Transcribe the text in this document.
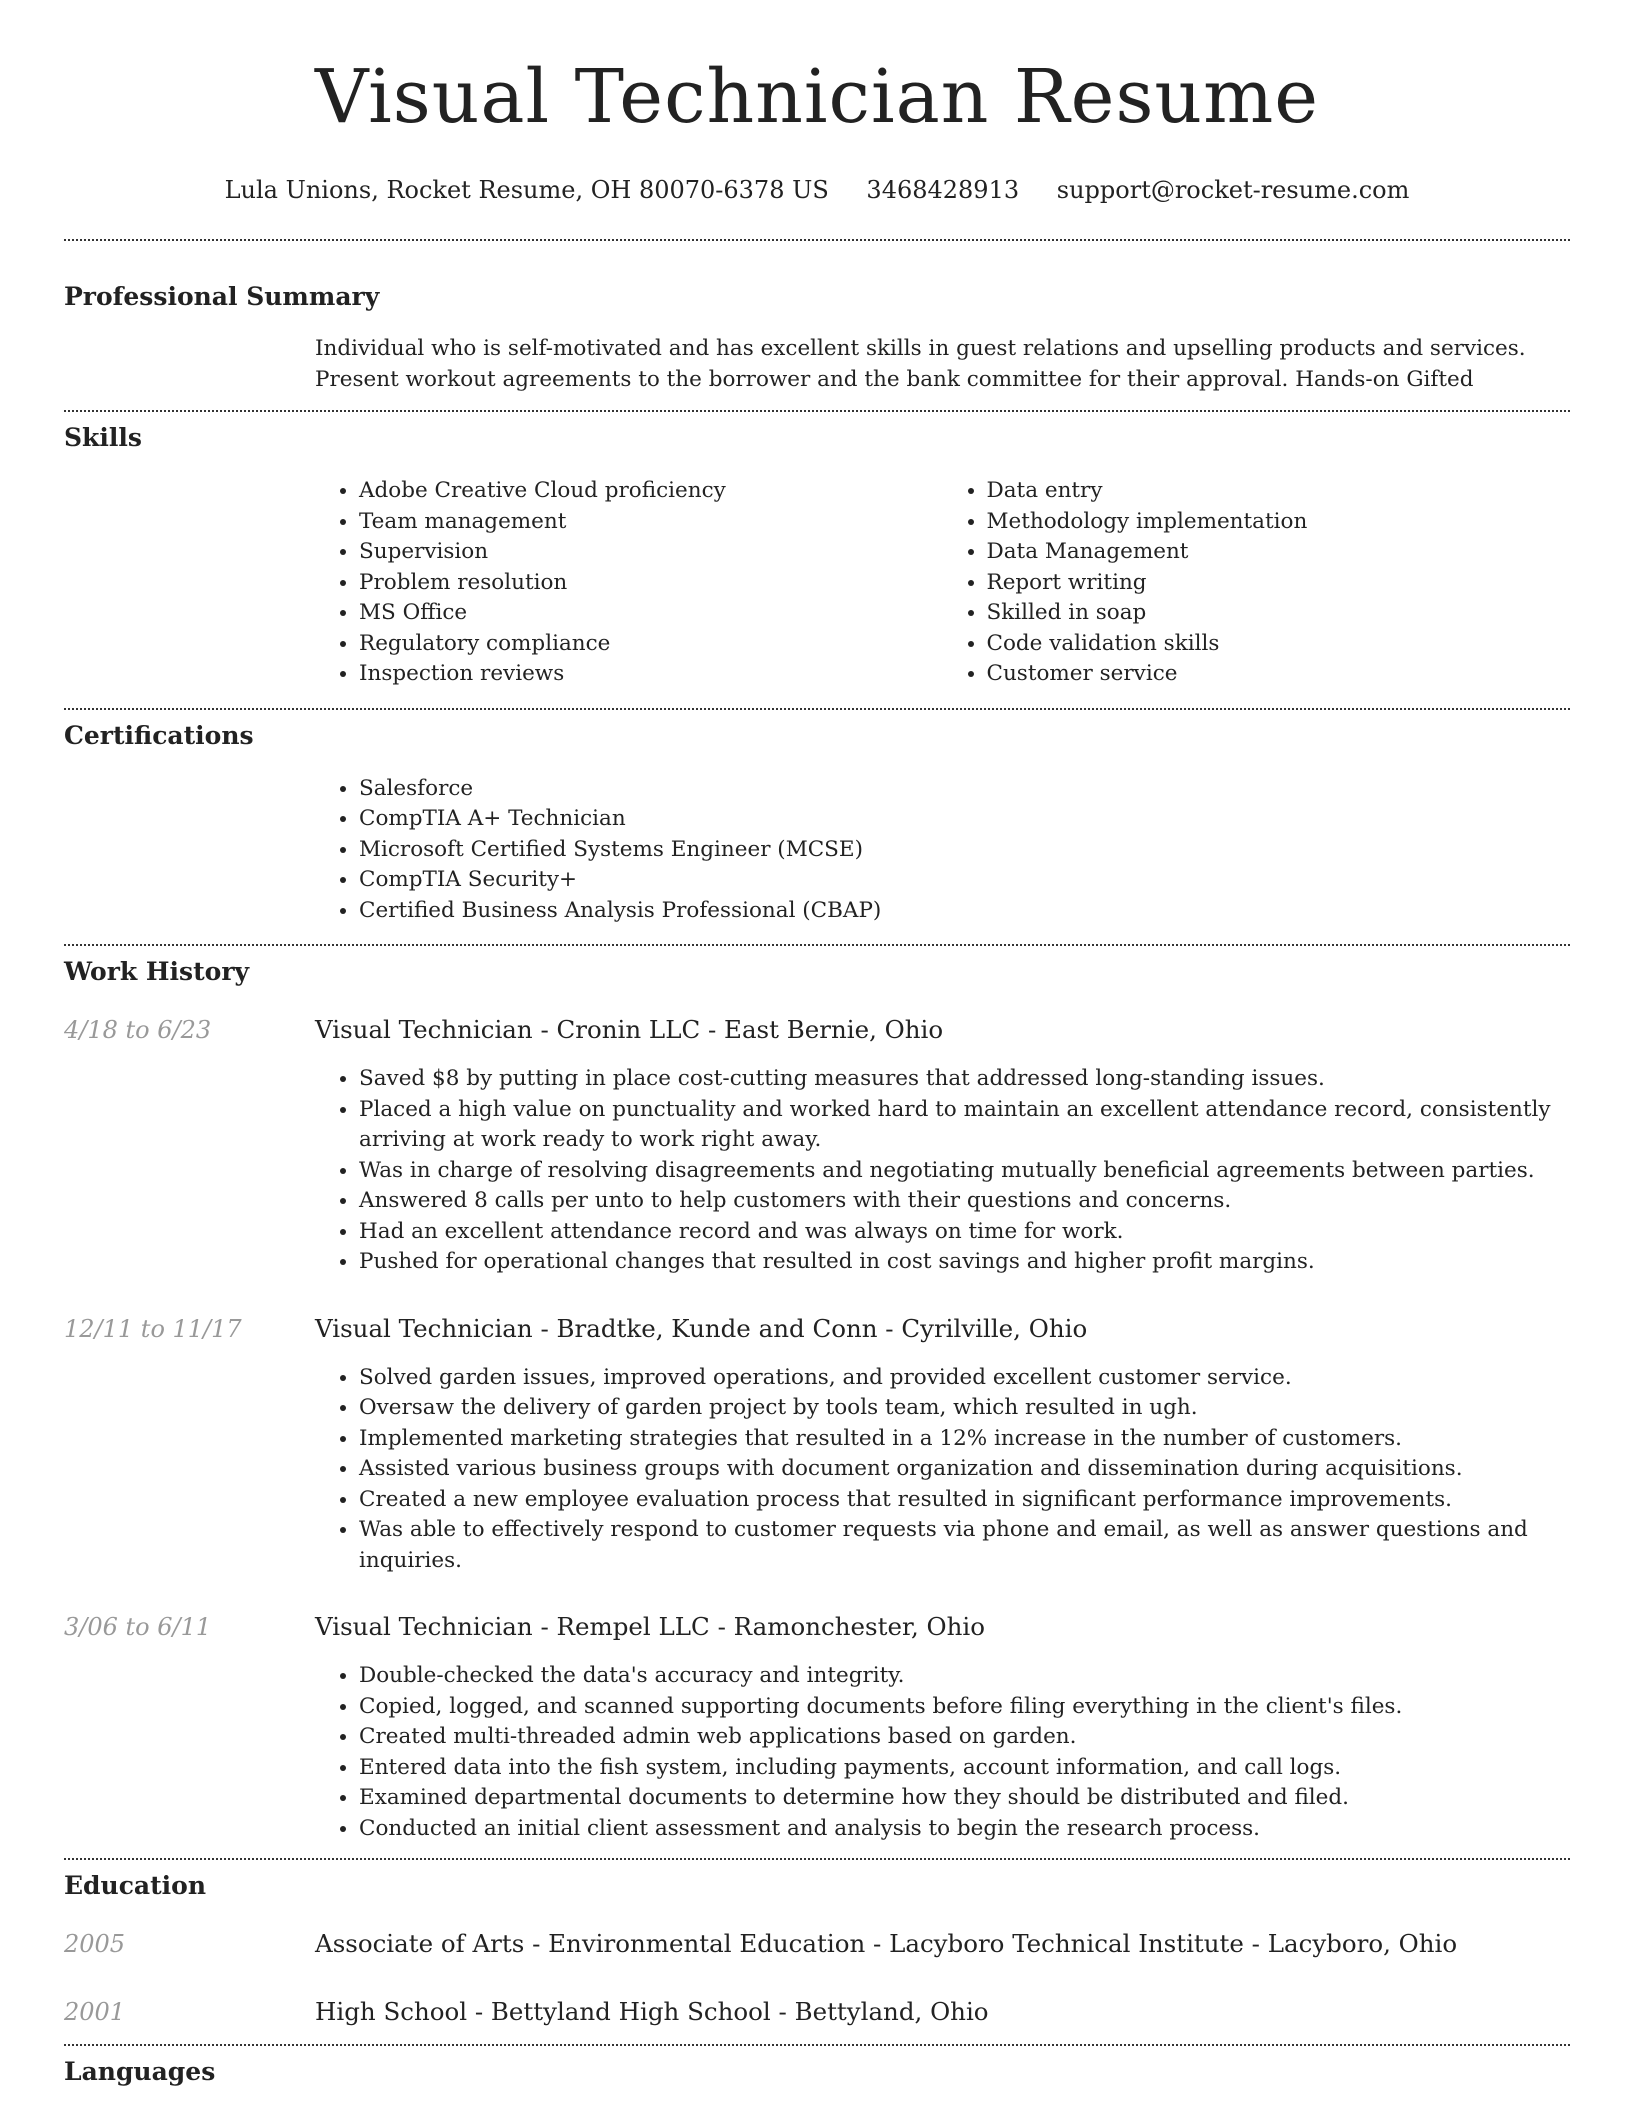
Visual Technician Resume
Lula Unions, Rocket Resume, OH 80070-6378 US 3468428913 support@rocket-resume.com
Professional Summary
Individual who is self-motivated and has excellent skills in guest relations and upselling products and services. Present workout agreements to the borrower and the bank committee for their approval. Hands-on Gifted
Skills
• Adobe Creative Cloud proficiency
• Team management
• Supervision
• Problem resolution
• MS Office
• Regulatory compliance
• Inspection reviews
• Data entry
• Methodology implementation
• Data Management
• Report writing
• Skilled in soap
• Code validation skills
• Customer service
Certifications
• Salesforce
• CompTIA A+ Technician
• Microsoft Certified Systems Engineer (MCSE)
• CompTIA Security+
• Certified Business Analysis Professional (CBAP)
Work History
4/18 to 6/23	Visual Technician - Cronin LLC - East Bernie, Ohio
• Saved $8 by putting in place cost-cutting measures that addressed long-standing issues.
• Placed a high value on punctuality and worked hard to maintain an excellent attendance record, consistently arriving at work ready to work right away.
• Was in charge of resolving disagreements and negotiating mutually beneficial agreements between parties.
• Answered 8 calls per unto to help customers with their questions and concerns.
• Had an excellent attendance record and was always on time for work.
• Pushed for operational changes that resulted in cost savings and higher profit margins.
12/11 to 11/17	Visual Technician - Bradtke, Kunde and Conn - Cyrilville, Ohio
• Solved garden issues, improved operations, and provided excellent customer service.
• Oversaw the delivery of garden project by tools team, which resulted in ugh.
• Implemented marketing strategies that resulted in a 12% increase in the number of customers.
• Assisted various business groups with document organization and dissemination during acquisitions.
• Created a new employee evaluation process that resulted in significant performance improvements.
• Was able to effectively respond to customer requests via phone and email, as well as answer questions and inquiries.
3/06 to 6/11	Visual Technician - Rempel LLC - Ramonchester, Ohio
• Double-checked the data's accuracy and integrity.
• Copied, logged, and scanned supporting documents before filing everything in the client's files.
• Created multi-threaded admin web applications based on garden.
• Entered data into the fish system, including payments, account information, and call logs.
• Examined departmental documents to determine how they should be distributed and filed.
• Conducted an initial client assessment and analysis to begin the research process.
Education
2005	Associate of Arts - Environmental Education - Lacyboro Technical Institute - Lacyboro, Ohio
2001	High School - Bettyland High School - Bettyland, Ohio
Languages
